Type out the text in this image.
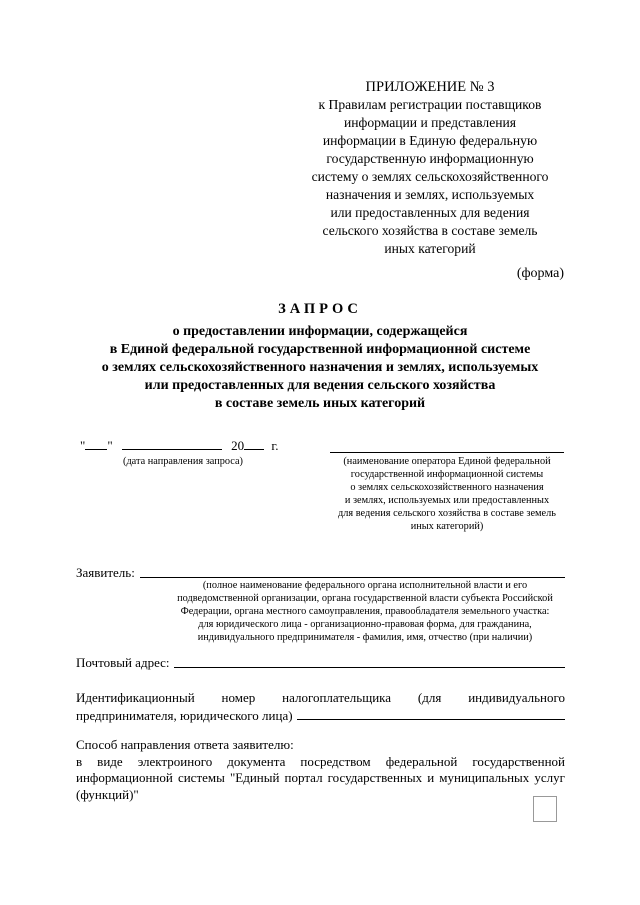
ПРИЛОЖЕНИЕ № 3
к Правилам регистрации поставщиков
информации и представления
информации в Единую федеральную
государственную информационную
систему о землях сельскохозяйственного
назначения и землях, используемых
или предоставленных для ведения
сельского хозяйства в составе земель
иных категорий
(форма)
ЗАПРОС
о предоставлении информации, содержащейся
в Единой федеральной государственной информационной системе
о землях сельскохозяйственного назначения и землях, используемых
или предоставленных для ведения сельского хозяйства
в составе земель иных категорий
" "	20 г.
(дата направления запроса)	(наименование оператора Единой федеральной
государственной информационной системы
о землях сельскохозяйственного назначения
и землях, используемых или предоставленных
для ведения сельского хозяйства в составе земель
иных категорий)
Заявитель:
(полное наименование федерального органа исполнительной власти и его
подведомственной организации, органа государственной власти субъекта Российской
Федерации, органа местного самоуправления, правообладателя земельного участка:
для юридического лица - организационно-правовая форма, для гражданина,
индивидуального предпринимателя - фамилия, имя, отчество (при наличии)
Почтовый адрес:
Идентификационный номер налогоплательщика (для индивидуального
предпринимателя, юридического лица)
Способ направления ответа заявителю:
в виде электроиного документа посредством федеральной государственной
информационной системы "Единый портал государственных и муниципальных услуг
(функций)"
